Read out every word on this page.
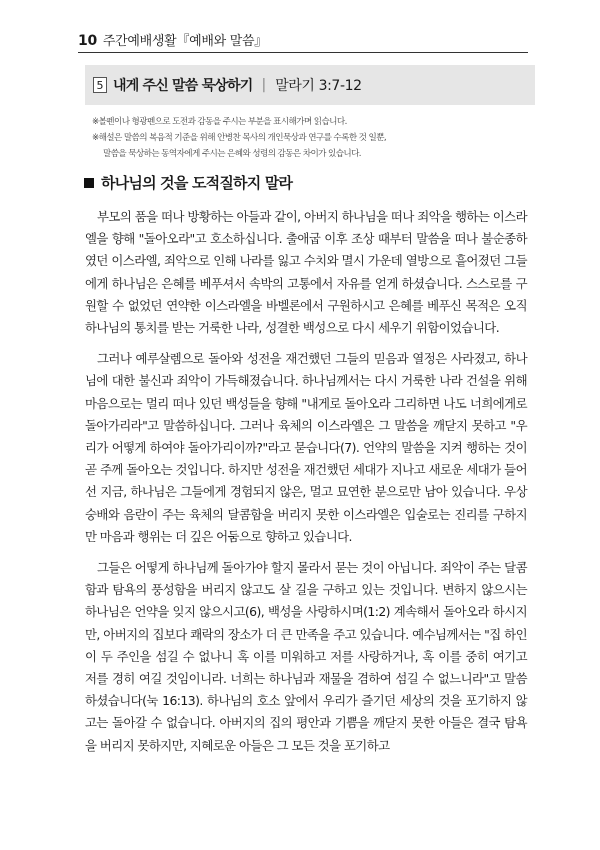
10 주간예배생활『예배와 말씀』
5 내게 주신 말씀 묵상하기 | 말라기 3:7-12

※볼펜이나 형광펜으로 도전과 감동을 주시는 부분을 표시해가며 읽습니다.

※해설은 말씀의 복음적 기준을 위해 안병찬 목사의 개인묵상과 연구를 수록한 것 일뿐,

말씀을 묵상하는 동역자에게 주시는 은혜와 성령의 감동은 차이가 있습니다.

하나님의 것을 도적질하지 말라

부모의 품을 떠나 방황하는 아들과 같이, 아버지 하나님을 떠나 죄악을 행하는 이스라엘을 향해 "돌아오라"고 호소하십니다. 출애굽 이후 조상 때부터 말씀을 떠나 불순종하였던 이스라엘, 죄악으로 인해 나라를 잃고 수치와 멸시 가운데 열방으로 흩어졌던 그들에게 하나님은 은혜를 베푸셔서 속박의 고통에서 자유를 얻게 하셨습니다. 스스로를 구원할 수 없었던 연약한 이스라엘을 바벨론에서 구원하시고 은혜를 베푸신 목적은 오직 하나님의 통치를 받는 거룩한 나라, 성결한 백성으로 다시 세우기 위함이었습니다.

그러나 예루살렘으로 돌아와 성전을 재건했던 그들의 믿음과 열정은 사라졌고, 하나님에 대한 불신과 죄악이 가득해졌습니다. 하나님께서는 다시 거룩한 나라 건설을 위해 마음으로는 멀리 떠나 있던 백성들을 향해 "내게로 돌아오라 그리하면 나도 너희에게로 돌아가리라"고 말씀하십니다. 그러나 육체의 이스라엘은 그 말씀을 깨닫지 못하고 "우리가 어떻게 하여야 돌아가리이까?"라고 묻습니다(7). 언약의 말씀을 지켜 행하는 것이 곧 주께 돌아오는 것입니다. 하지만 성전을 재건했던 세대가 지나고 새로운 세대가 들어선 지금, 하나님은 그들에게 경험되지 않은, 멀고 묘연한 분으로만 남아 있습니다. 우상숭배와 음란이 주는 육체의 달콤함을 버리지 못한 이스라엘은 입술로는 진리를 구하지만 마음과 행위는 더 깊은 어둠으로 향하고 있습니다.

그들은 어떻게 하나님께 돌아가야 할지 몰라서 묻는 것이 아닙니다. 죄악이 주는 달콤함과 탐욕의 풍성함을 버리지 않고도 살 길을 구하고 있는 것입니다. 변하지 않으시는 하나님은 언약을 잊지 않으시고(6), 백성을 사랑하시며(1:2) 계속해서 돌아오라 하시지만, 아버지의 집보다 쾌락의 장소가 더 큰 만족을 주고 있습니다. 예수님께서는 "집 하인이 두 주인을 섬길 수 없나니 혹 이를 미워하고 저를 사랑하거나, 혹 이를 중히 여기고 저를 경히 여길 것임이니라. 너희는 하나님과 재물을 겸하여 섬길 수 없느니라"고 말씀하셨습니다(눅 16:13). 하나님의 호소 앞에서 우리가 즐기던 세상의 것을 포기하지 않고는 돌아갈 수 없습니다. 아버지의 집의 평안과 기쁨을 깨닫지 못한 아들은 결국 탐욕을 버리지 못하지만, 지혜로운 아들은 그 모든 것을 포기하고
